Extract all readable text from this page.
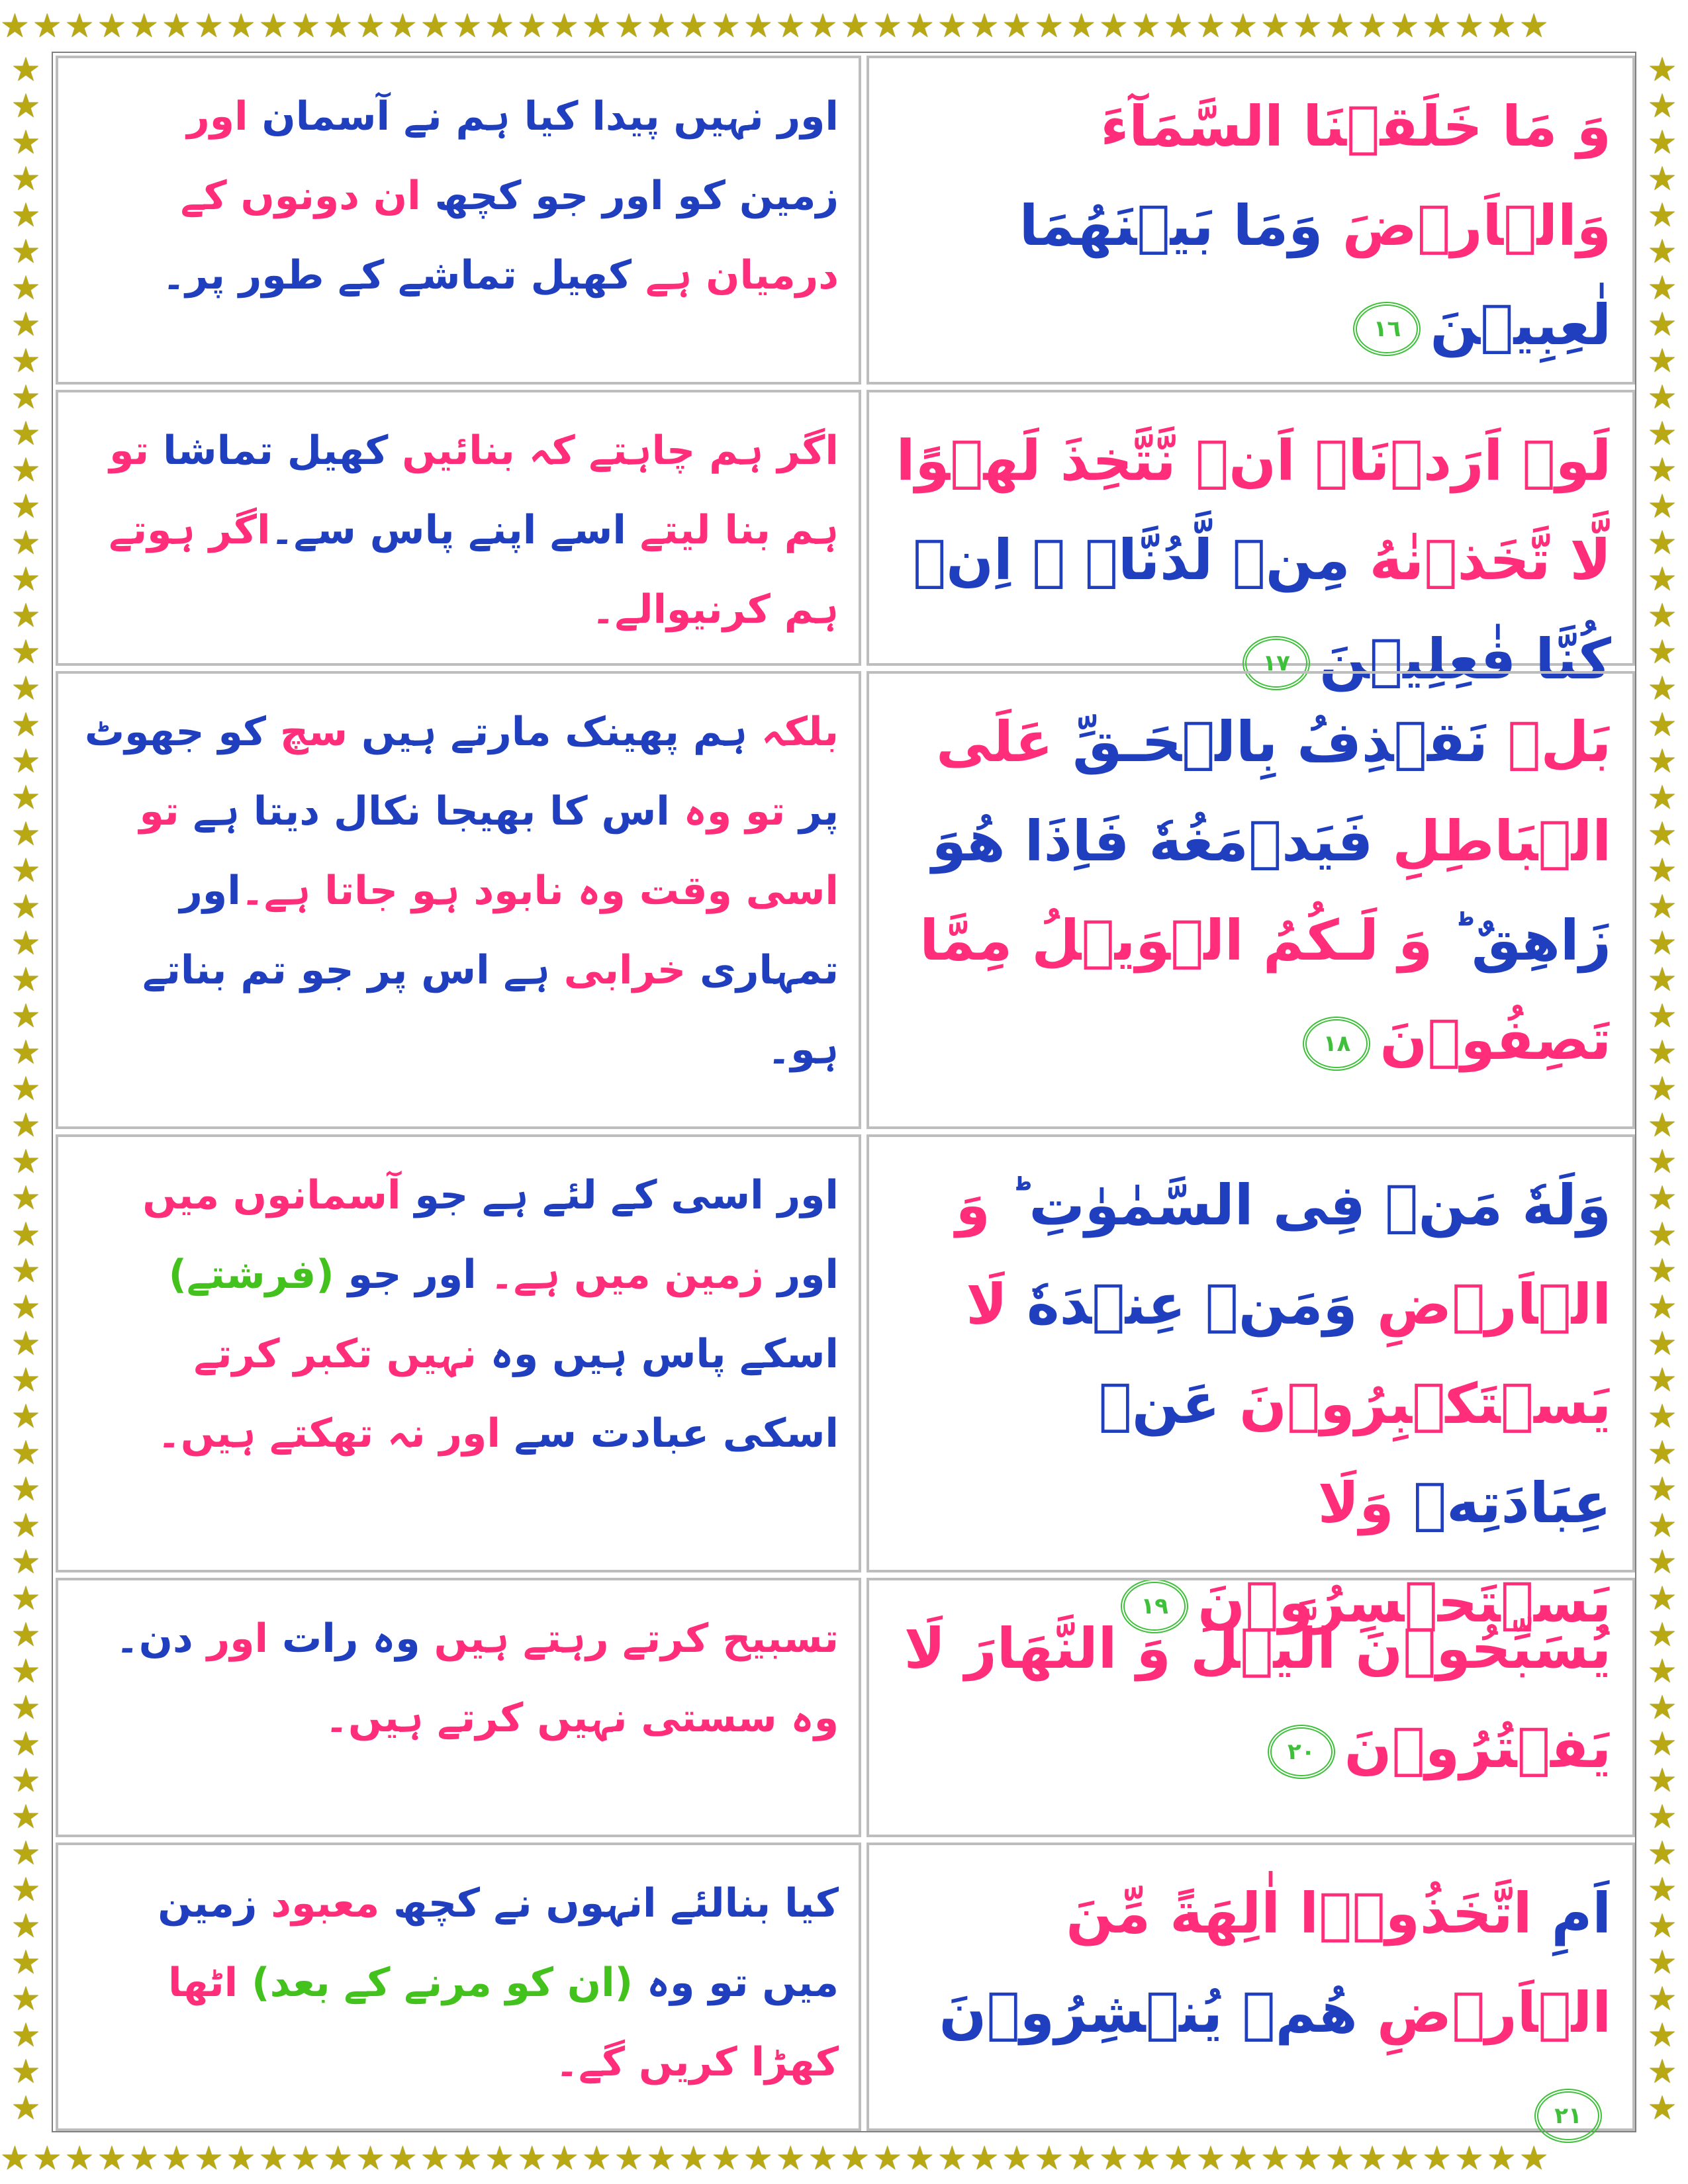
★★★★★★★★★★★★★★★★★★★★★★★★★★★★★★★★★★★★★★★★★★★★★★★★
★★★★★★★★★★★★★★★★★★★★★★★★★★★★★★★★★★★★★★★★★★★★★★★★
★
★
★
★
★
★
★
★
★
★
★
★
★
★
★
★
★
★
★
★
★
★
★
★
★
★
★
★
★
★
★
★
★
★
★
★
★
★
★
★
★
★
★
★
★
★
★
★
★
★
★
★
★
★
★
★
★
★
★
★
★
★
★
★
★
★
★
★
★
★
★
★
★
★
★
★
★
★
★
★
★
★
★
★
★
★
★
★
★
★
★
★
★
★
★
★
★
★
★
★
★
★
★
★
★
★
★
★
★
★
★
★
★
★
اور نہیں پیدا کیا ہم نے آسمان اور زمین کو اور جو کچھ ان دونوں کے درمیان ہے کھیل تماشے کے طور پر۔
وَ مَا خَلَقۡنَا السَّمَآءَ وَالۡاَرۡضَ وَمَا بَيۡنَهُمَا لٰعِبِيۡنَ١٦
اگر ہم چاہتے کہ بنائیں کھیل تماشا تو ہم بنا لیتے اسے اپنے پاس سے۔اگر ہوتے ہم کرنیوالے۔
لَوۡ اَرَدۡنَاۤ اَنۡ نَّتَّخِذَ لَهۡوًا لَّا تَّخَذۡنٰهُ مِنۡ لَّدُنَّاۤ ۖ اِنۡ كُنَّا فٰعِلِيۡنَ١٧
بلکہ ہم پھینک مارتے ہیں سچ کو جھوٹ پر تو وہ اس کا بھیجا نکال دیتا ہے تو اسی وقت وہ نابود ہو جاتا ہے۔اور تمہاری خرابی ہے اس پر جو تم بناتے ہو۔
بَلۡ نَقۡذِفُ بِالۡحَـقِّ عَلَى الۡبَاطِلِ فَيَدۡمَغُهٗ فَاِذَا هُوَ زَاهِقٌ ؕ وَ لَـكُمُ الۡوَيۡلُ مِمَّا تَصِفُوۡنَ١٨
اور اسی کے لئے ہے جو آسمانوں میں اور زمین میں ہے۔ اور جو (فرشتے) اسکے پاس ہیں وہ نہیں تکبر کرتے اسکی عبادت سے اور نہ تھکتے ہیں۔
وَلَهٗ مَنۡ فِى السَّمٰوٰتِ ؕ وَ الۡاَرۡضِ وَمَنۡ عِنۡدَهٗ لَا يَسۡتَكۡبِرُوۡنَ عَنۡ عِبَادَتِهٖ وَلَا يَسۡتَحۡسِرُوۡنَ١٩
تسبیح کرتے رہتے ہیں وہ رات اور دن۔ وہ سستی نہیں کرتے ہیں۔
يُسَبِّحُوۡنَ الَّيۡلَ وَ النَّهَارَ لَا يَفۡتُرُوۡنَ٢٠
کیا بنالئے انہوں نے کچھ معبود زمین میں تو وہ (ان کو مرنے کے بعد) اٹھا کھڑا کریں گے۔
اَمِ اتَّخَذُوۡۤا اٰلِهَةً مِّنَ الۡاَرۡضِ هُمۡ يُنۡشِرُوۡنَ٢١
